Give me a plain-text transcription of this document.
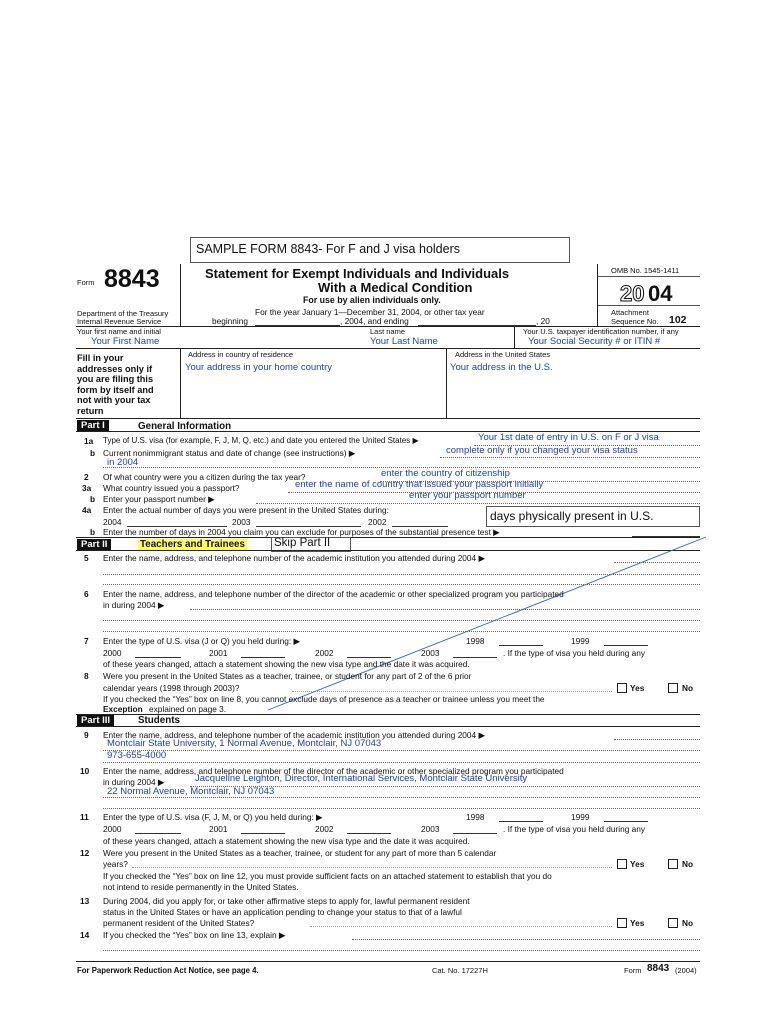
SAMPLE FORM 8843- For F and J visa holders
Form 8843
Department of the Treasury
Internal Revenue Service
Statement for Exempt Individuals and Individuals
With a Medical Condition
For use by alien individuals only.
For the year January 1—December 31, 2004, or other tax year
beginning	, 2004, and ending	, 20
OMB No. 1545-1411
20 04
Attachment
Sequence No. 102
Your first name and initial
Your First Name
Last name
Your Last Name
Your U.S. taxpayer identification number, if any
Your Social Security # or ITIN #
Fill in your
addresses only if
you are filing this
form by itself and
not with your tax
return
Address in country of residence
Your address in your home country
Address in the United States
Your address in the U.S.
Part I	General Information
1a Type of U.S. visa (for example, F, J, M, Q, etc.) and date you entered the United States ▶	Your 1st date of entry in U.S. on F or J visa
b Current nonimmigrant status and date of change (see instructions) ▶	complete only if you changed your visa status
in 2004
2 Of what country were you a citizen during the tax year?	enter the country of citizenship
3a What country issued you a passport?	enter the name of country that issued your passport initially
b Enter your passport number ▶	enter your passport number
4a Enter the actual number of days you were present in the United States during:	days physically present in U.S.
2004	2003	2002
b Enter the number of days in 2004 you claim you can exclude for purposes of the substantial presence test ▶
Part II	Teachers and Trainees	Skip Part II
5 Enter the name, address, and telephone number of the academic institution you attended during 2004 ▶
6 Enter the name, address, and telephone number of the director of the academic or other specialized program you participated
in during 2004 ▶
7 Enter the type of U.S. visa (J or Q) you held during: ▶	1998	1999
2000	2001	2002	2003	. If the type of visa you held during any
of these years changed, attach a statement showing the new visa type and the date it was acquired.
8 Were you present in the United States as a teacher, trainee, or student for any part of 2 of the 6 prior
calendar years (1998 through 2003)?	Yes	No
If you checked the “Yes” box on line 8, you cannot exclude days of presence as a teacher or trainee unless you meet the
Exception explained on page 3.
Part III	Students
9 Enter the name, address, and telephone number of the academic institution you attended during 2004 ▶
Montclair State University, 1 Normal Avenue, Montclair, NJ 07043
973-655-4000
10 Enter the name, address, and telephone number of the director of the academic or other specialized program you participated
in during 2004 ▶	Jacqueline Leighton, Director, International Services, Montclair State University
22 Normal Avenue, Montclair, NJ 07043
11 Enter the type of U.S. visa (F, J, M, or Q) you held during: ▶	1998	1999
2000	2001	2002	2003	. If the type of visa you held during any
of these years changed, attach a statement showing the new visa type and the date it was acquired.
12 Were you present in the United States as a teacher, trainee, or student for any part of more than 5 calendar
years?	Yes	No
If you checked the “Yes” box on line 12, you must provide sufficient facts on an attached statement to establish that you do
not intend to reside permanently in the United States.
13 During 2004, did you apply for, or take other affirmative steps to apply for, lawful permanent resident
status in the United States or have an application pending to change your status to that of a lawful
permanent resident of the United States?	Yes	No
14 If you checked the “Yes” box on line 13, explain ▶
For Paperwork Reduction Act Notice, see page 4.	Cat. No. 17227H	Form 8843 (2004)
